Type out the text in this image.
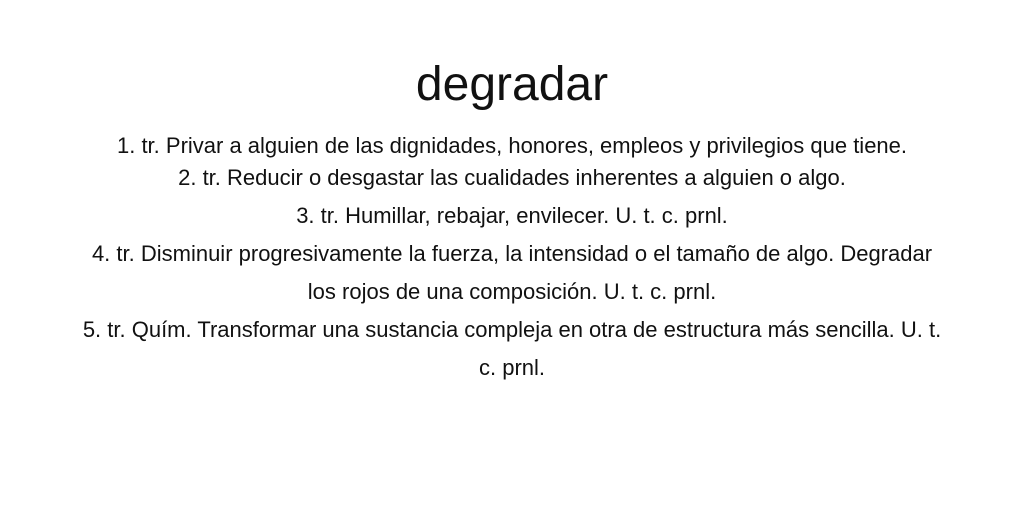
degradar
1. tr. Privar a alguien de las dignidades, honores, empleos y privilegios que tiene.
2. tr. Reducir o desgastar las cualidades inherentes a alguien o algo.
3. tr. Humillar, rebajar, envilecer. U. t. c. prnl.
4. tr. Disminuir progresivamente la fuerza, la intensidad o el tamaño de algo. Degradar los rojos de una composición. U. t. c. prnl.
5. tr. Quím. Transformar una sustancia compleja en otra de estructura más sencilla. U. t. c. prnl.
